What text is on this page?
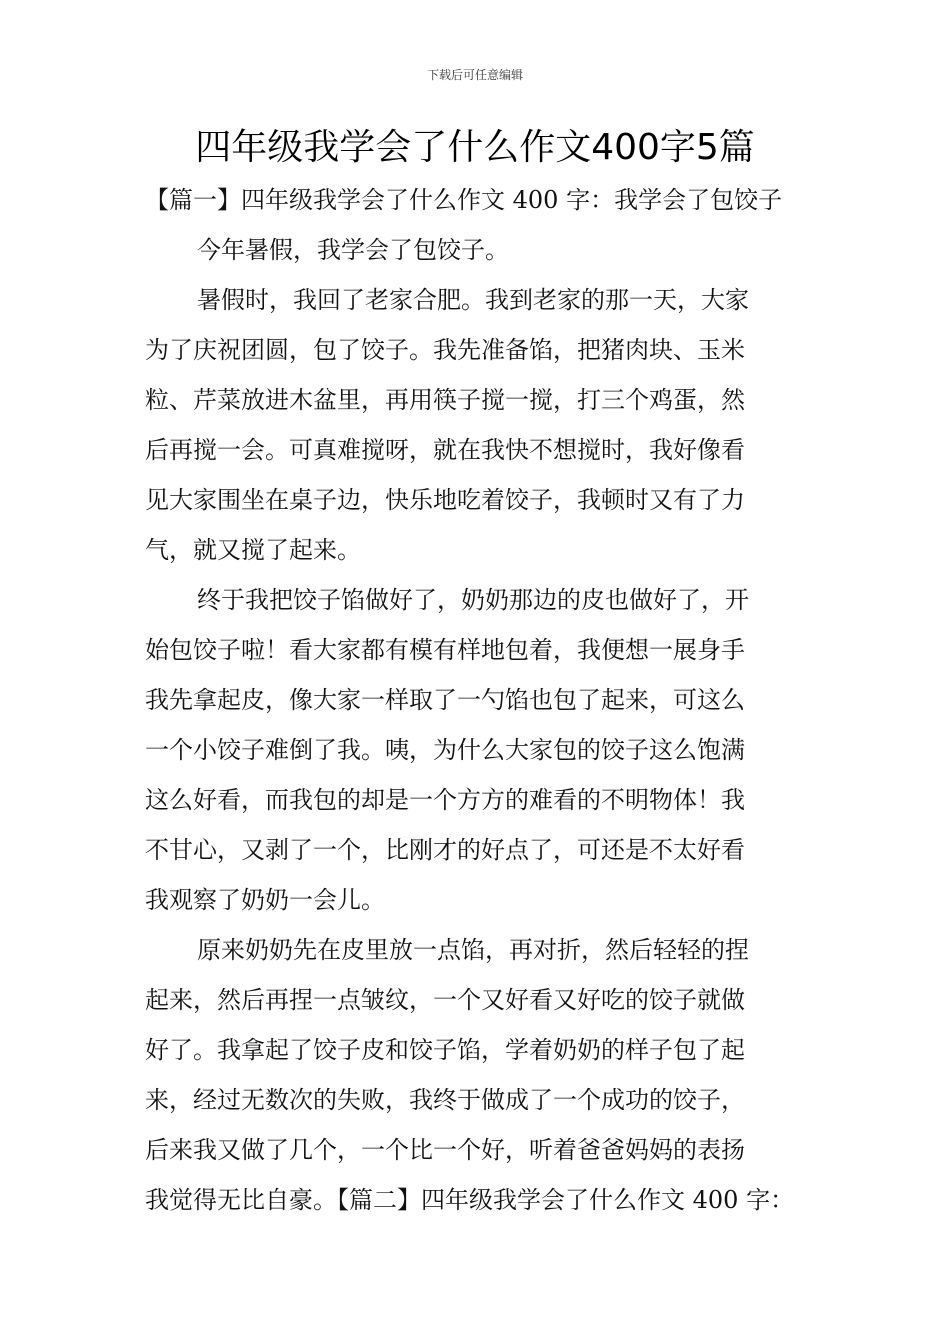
下载后可任意编辑
四年级我学会了什么作文400字5篇

【篇一】四年级我学会了什么作文 400 字：我学会了包饺子

今年暑假，我学会了包饺子。

暑假时，我回了老家合肥。我到老家的那一天，大家

为了庆祝团圆，包了饺子。我先准备馅，把猪肉块、玉米

粒、芹菜放进木盆里，再用筷子搅一搅，打三个鸡蛋，然

后再搅一会。可真难搅呀，就在我快不想搅时，我好像看

见大家围坐在桌子边，快乐地吃着饺子，我顿时又有了力

气，就又搅了起来。

终于我把饺子馅做好了，奶奶那边的皮也做好了，开

始包饺子啦！看大家都有模有样地包着，我便想一展身手

我先拿起皮，像大家一样取了一勺馅也包了起来，可这么

一个小饺子难倒了我。咦，为什么大家包的饺子这么饱满

这么好看，而我包的却是一个方方的难看的不明物体！我

不甘心，又剥了一个，比刚才的好点了，可还是不太好看

我观察了奶奶一会儿。

原来奶奶先在皮里放一点馅，再对折，然后轻轻的捏

起来，然后再捏一点皱纹，一个又好看又好吃的饺子就做

好了。我拿起了饺子皮和饺子馅，学着奶奶的样子包了起

来，经过无数次的失败，我终于做成了一个成功的饺子，

后来我又做了几个，一个比一个好，听着爸爸妈妈的表扬

我觉得无比自豪。【篇二】四年级我学会了什么作文 400 字：
